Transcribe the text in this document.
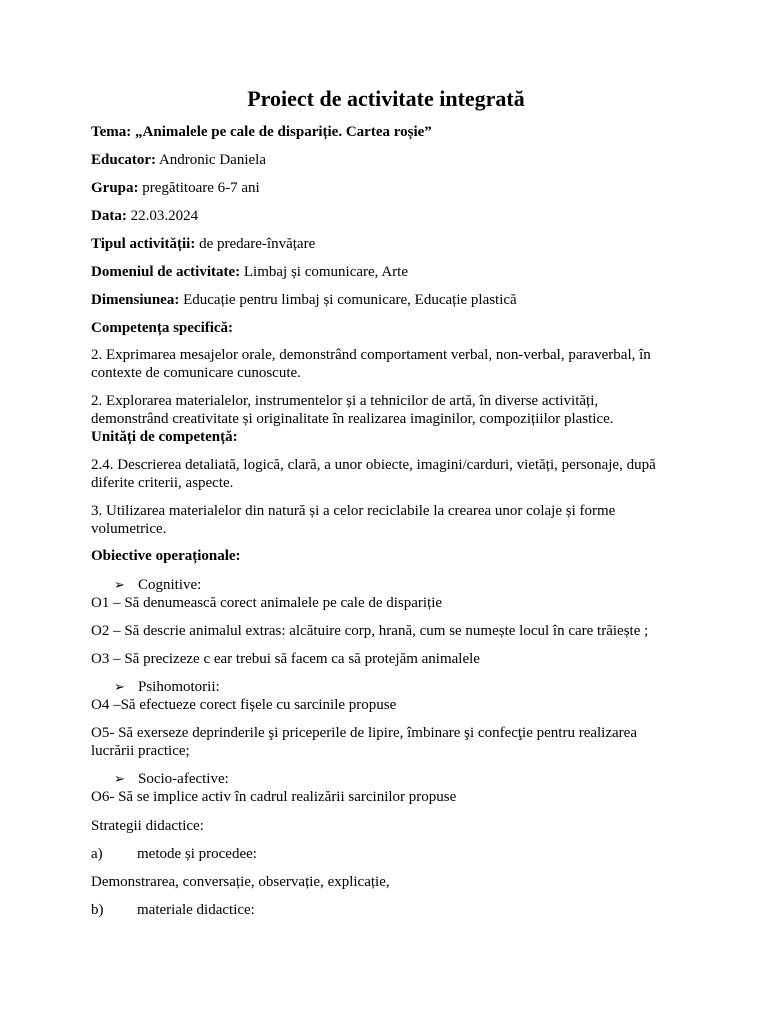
Proiect de activitate integrată
Tema: „Animalele pe cale de dispariție. Cartea roșie”
Educator: Andronic Daniela
Grupa: pregătitoare 6-7 ani
Data: 22.03.2024
Tipul activității: de predare-învățare
Domeniul de activitate: Limbaj și comunicare, Arte
Dimensiunea: Educație pentru limbaj și comunicare, Educație plastică
Competența specifică:
2. Exprimarea mesajelor orale, demonstrând comportament verbal, non-verbal, paraverbal, în contexte de comunicare cunoscute.
2. Explorarea materialelor, instrumentelor și a tehnicilor de artă, în diverse activități,
demonstrând creativitate și originalitate în realizarea imaginilor, compozițiilor plastice.
Unități de competență:
2.4. Descrierea detaliată, logică, clară, a unor obiecte, imagini/carduri, vietăți, personaje, după diferite criterii, aspecte.
3. Utilizarea materialelor din natură și a celor reciclabile la crearea unor colaje și forme volumetrice.
Obiective operaționale:
➢ Cognitive:
O1 – Să denumească corect animalele pe cale de dispariție
O2 – Să descrie animalul extras: alcătuire corp, hrană, cum se numește locul în care trăiește ;
O3 – Să precizeze c ear trebui să facem ca să protejăm animalele
➢ Psihomotorii:
O4 –Să efectueze corect fișele cu sarcinile propuse
O5- Să exerseze deprinderile şi priceperile de lipire, îmbinare şi confecţie pentru realizarea lucrării practice;
➢ Socio-afective:
O6- Să se implice activ în cadrul realizării sarcinilor propuse
Strategii didactice:
a) metode și procedee:
Demonstrarea, conversație, observație, explicație,
b) materiale didactice:
